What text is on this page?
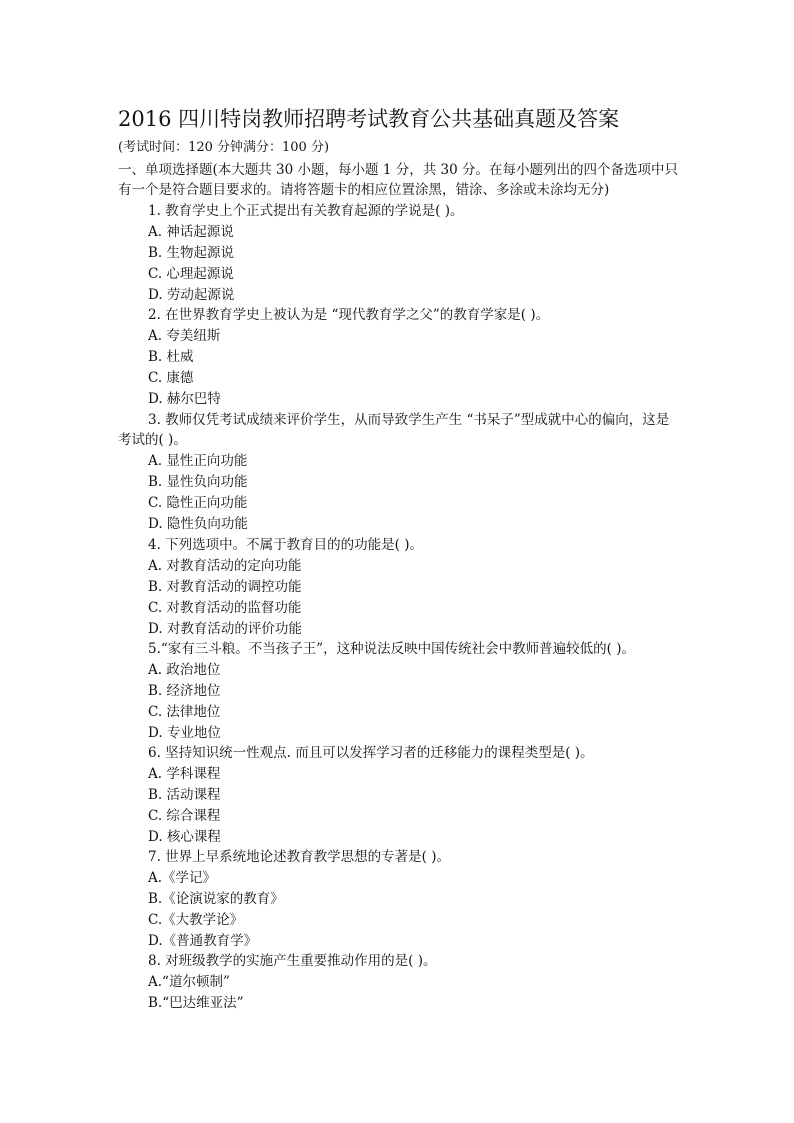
2016 四川特岗教师招聘考试教育公共基础真题及答案
(考试时间：120 分钟满分：100 分)
一、单项选择题(本大题共 30 小题，每小题 1 分，共 30 分。在每小题列出的四个备选项中只有一个是符合题目要求的。请将答题卡的相应位置涂黑，错涂、多涂或未涂均无分)
1. 教育学史上个正式提出有关教育起源的学说是( )。
A. 神话起源说
B. 生物起源说
C. 心理起源说
D. 劳动起源说
2. 在世界教育学史上被认为是 “现代教育学之父”的教育学家是( )。
A. 夸美纽斯
B. 杜威
C. 康德
D. 赫尔巴特
3. 教师仅凭考试成绩来评价学生，从而导致学生产生 “书呆子”型成就中心的偏向，这是考试的( )。
A. 显性正向功能
B. 显性负向功能
C. 隐性正向功能
D. 隐性负向功能
4. 下列选项中。不属于教育目的的功能是( )。
A. 对教育活动的定向功能
B. 对教育活动的调控功能
C. 对教育活动的监督功能
D. 对教育活动的评价功能
5.“家有三斗粮。不当孩子王”，这种说法反映中国传统社会中教师普遍较低的( )。
A. 政治地位
B. 经济地位
C. 法律地位
D. 专业地位
6. 坚持知识统一性观点. 而且可以发挥学习者的迁移能力的课程类型是( )。
A. 学科课程
B. 活动课程
C. 综合课程
D. 核心课程
7. 世界上早系统地论述教育教学思想的专著是( )。
A.《学记》
B.《论演说家的教育》
C.《大教学论》
D.《普通教育学》
8. 对班级教学的实施产生重要推动作用的是( )。
A.“道尔顿制”
B.“巴达维亚法”
